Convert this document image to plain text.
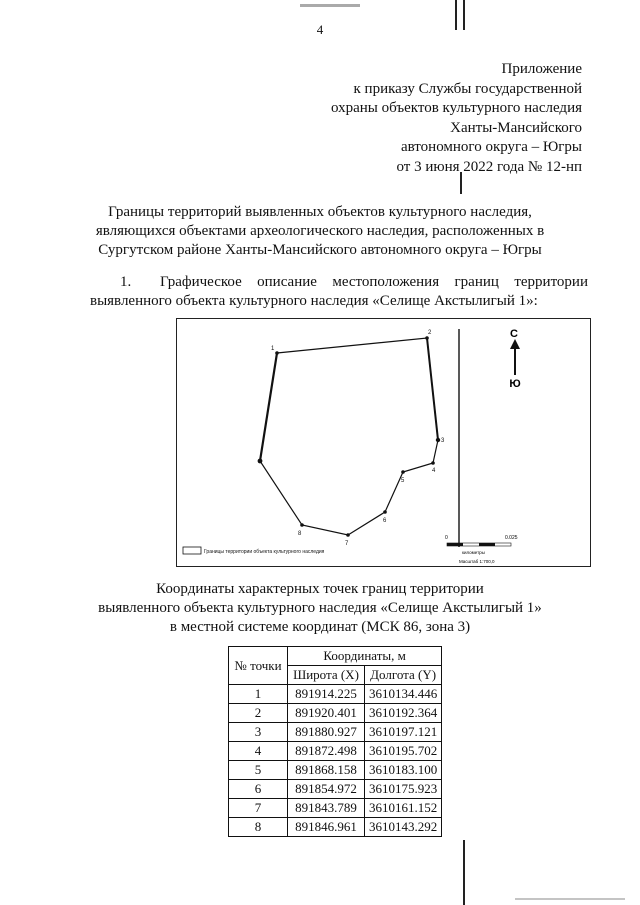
4
Приложение
к приказу Службы государственной
охраны объектов культурного наследия
Ханты-Мансийского
автономного округа – Югры
от 3 июня 2022 года № 12-нп
Границы территорий выявленных объектов культурного наследия,
являющихся объектами археологического наследия, расположенных в
Сургутском районе Ханты-Мансийского автономного округа – Югры
1. Графическое описание местоположения границ территории выявленного объекта культурного наследия «Селище Акстылигый 1»:
1
2
3
4
5
6
7
8
С
Ю
Границы территории объекта культурного наследия
0	0.025
километры
Масштаб 1:700,0
Координаты характерных точек границ территории
выявленного объекта культурного наследия «Селище Акстылигый 1»
в местной системе координат (МСК 86, зона 3)
№ точки	Координаты, м	
	Широта (X)	Долгота (Y)
1	891914.225	3610134.446
2	891920.401	3610192.364
3	891880.927	3610197.121
4	891872.498	3610195.702
5	891868.158	3610183.100
6	891854.972	3610175.923
7	891843.789	3610161.152
8	891846.961	3610143.292
